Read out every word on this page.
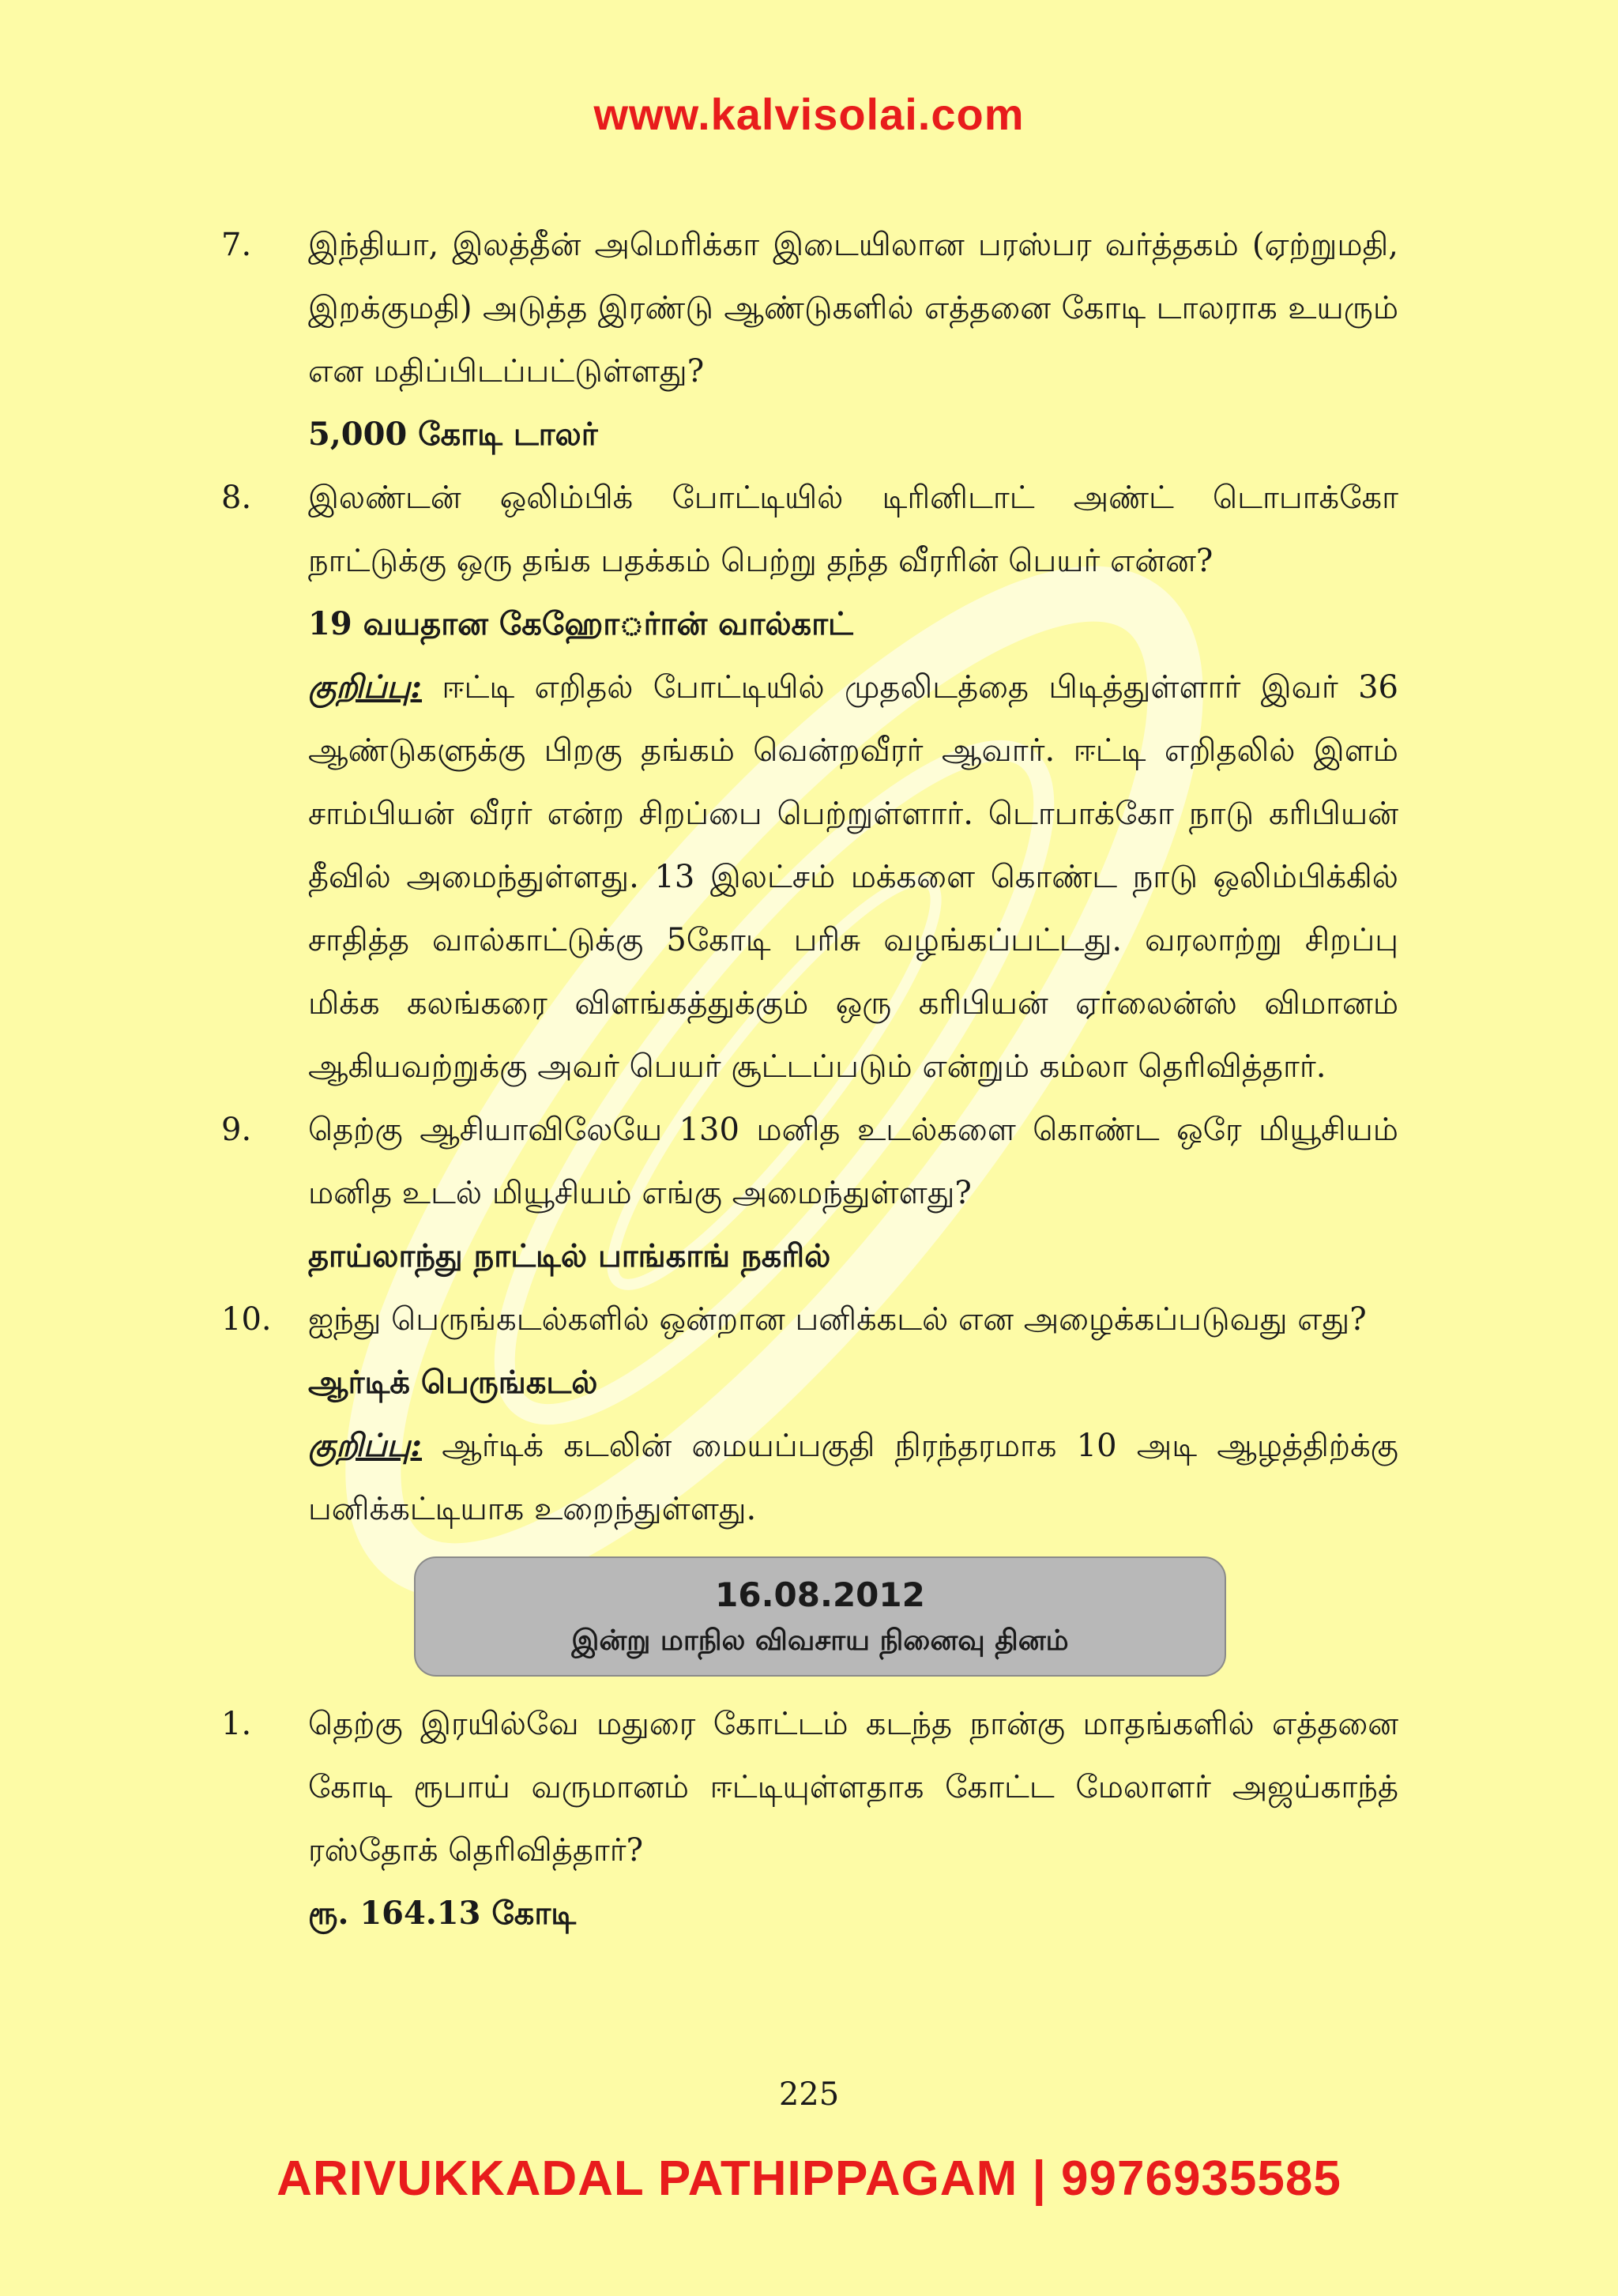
www.kalvisolai.com
7.	இந்தியா, இலத்தீன் அமெரிக்கா இடையிலான பரஸ்பர வர்த்தகம் (ஏற்றுமதி, இறக்குமதி) அடுத்த இரண்டு ஆண்டுகளில் எத்தனை கோடி டாலராக உயரும் என மதிப்பிடப்பட்டுள்ளது?
5,000 கோடி டாலர்
8.	இலண்டன் ஒலிம்பிக் போட்டியில் டிரினிடாட் அண்ட் டொபாக்கோ நாட்டுக்கு ஒரு தங்க பதக்கம் பெற்று தந்த வீரரின் பெயர் என்ன?
19 வயதான கேஹோர்ான் வால்காட்
குறிப்பு: ஈட்டி எறிதல் போட்டியில் முதலிடத்தை பிடித்துள்ளார் இவர் 36 ஆண்டுகளுக்கு பிறகு தங்கம் வென்றவீரர் ஆவார். ஈட்டி எறிதலில் இளம் சாம்பியன் வீரர் என்ற சிறப்பை பெற்றுள்ளார். டொபாக்கோ நாடு கரிபியன் தீவில் அமைந்துள்ளது. 13 இலட்சம் மக்களை கொண்ட நாடு ஒலிம்பிக்கில் சாதித்த வால்காட்டுக்கு 5கோடி பரிசு வழங்கப்பட்டது. வரலாற்று சிறப்பு மிக்க கலங்கரை விளங்கத்துக்கும் ஒரு கரிபியன் ஏர்லைன்ஸ் விமானம் ஆகியவற்றுக்கு அவர் பெயர் சூட்டப்படும் என்றும் கம்லா தெரிவித்தார்.
9.	தெற்கு ஆசியாவிலேயே 130 மனித உடல்களை கொண்ட ஒரே மியூசியம் மனித உடல் மியூசியம் எங்கு அமைந்துள்ளது?
தாய்லாந்து நாட்டில் பாங்காங் நகரில்
10.	ஐந்து பெருங்கடல்களில் ஒன்றான பனிக்கடல் என அழைக்கப்படுவது எது?
ஆர்டிக் பெருங்கடல்
குறிப்பு: ஆர்டிக் கடலின் மையப்பகுதி நிரந்தரமாக 10 அடி ஆழத்திற்க்கு பனிக்கட்டியாக உறைந்துள்ளது.
16.08.2012
இன்று மாநில விவசாய நினைவு தினம்
1.	தெற்கு இரயில்வே மதுரை கோட்டம் கடந்த நான்கு மாதங்களில் எத்தனை கோடி ரூபாய் வருமானம் ஈட்டியுள்ளதாக கோட்ட மேலாளர் அஜய்காந்த் ரஸ்தோக் தெரிவித்தார்?
ரூ. 164.13 கோடி
225
ARIVUKKADAL PATHIPPAGAM | 9976935585
